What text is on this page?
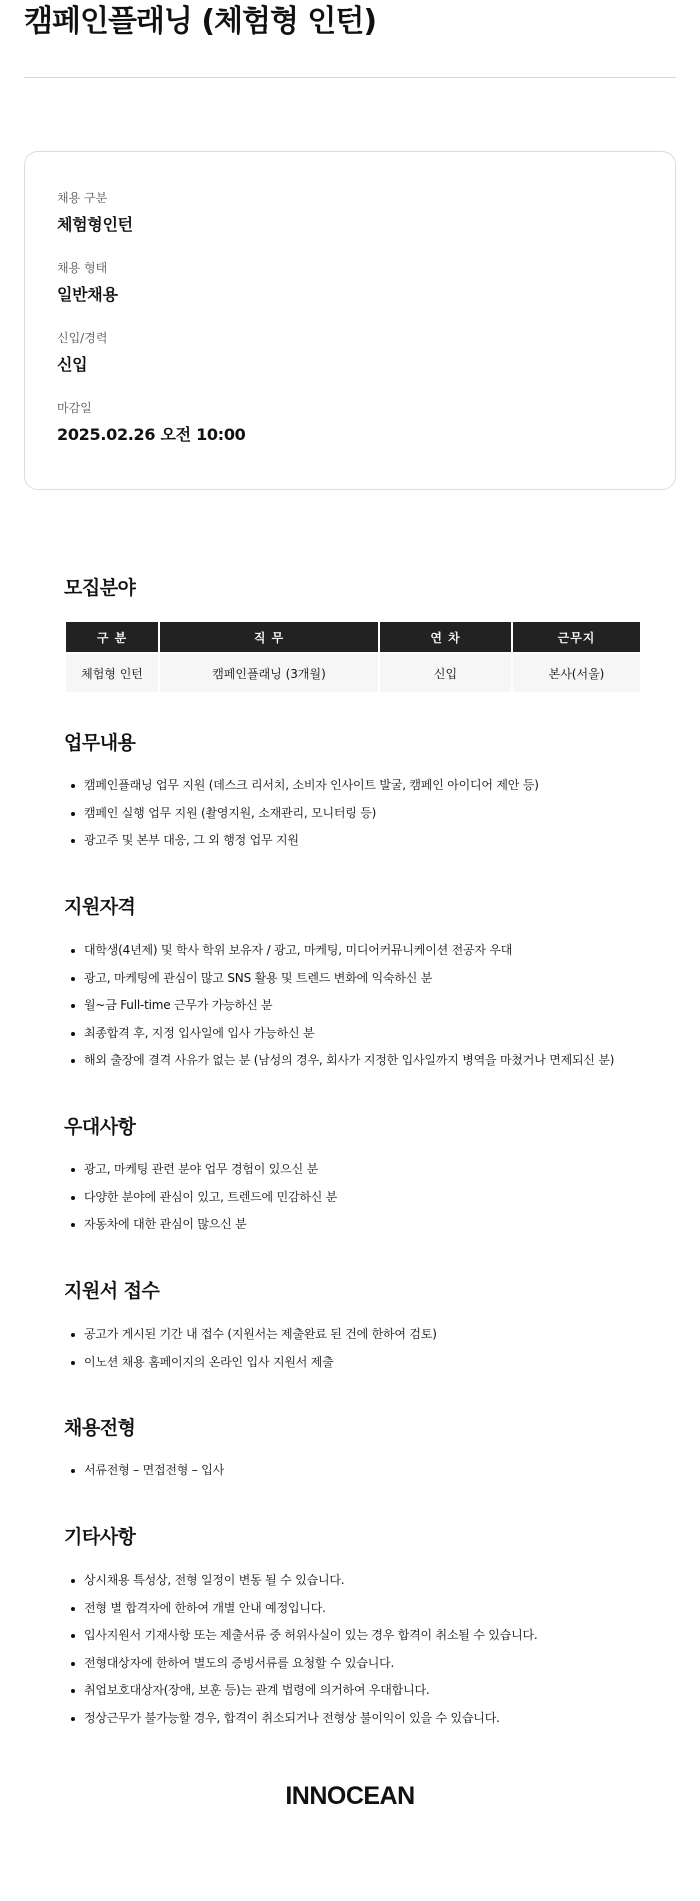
캠페인플래닝 (체험형 인턴)
채용 구분
체험형인턴
채용 형태
일반채용
신입/경력
신입
마감일
2025.02.26 오전 10:00
모집분야
구 분	직 무	연 차	근무지
체험형 인턴	캠페인플래닝 (3개월)	신입	본사(서울)
업무내용
캠페인플래닝 업무 지원 (데스크 리서치, 소비자 인사이트 발굴, 캠페인 아이디어 제안 등)
캠페인 실행 업무 지원 (촬영지원, 소재관리, 모니터링 등)
광고주 및 본부 대응, 그 외 행정 업무 지원
지원자격
대학생(4년제) 및 학사 학위 보유자 / 광고, 마케팅, 미디어커뮤니케이션 전공자 우대
광고, 마케팅에 관심이 많고 SNS 활용 및 트렌드 변화에 익숙하신 분
월~금 Full-time 근무가 가능하신 분
최종합격 후, 지정 입사일에 입사 가능하신 분
해외 출장에 결격 사유가 없는 분 (남성의 경우, 회사가 지정한 입사일까지 병역을 마쳤거나 면제되신 분)
우대사항
광고, 마케팅 관련 분야 업무 경험이 있으신 분
다양한 분야에 관심이 있고, 트렌드에 민감하신 분
자동차에 대한 관심이 많으신 분
지원서 접수
공고가 게시된 기간 내 접수 (지원서는 제출완료 된 건에 한하여 검토)
이노션 채용 홈페이지의 온라인 입사 지원서 제출
채용전형
서류전형 – 면접전형 – 입사
기타사항
상시채용 특성상, 전형 일정이 변동 될 수 있습니다.
전형 별 합격자에 한하여 개별 안내 예정입니다.
입사지원서 기재사항 또는 제출서류 중 허위사실이 있는 경우 합격이 취소될 수 있습니다.
전형대상자에 한하여 별도의 증빙서류를 요청할 수 있습니다.
취업보호대상자(장애, 보훈 등)는 관계 법령에 의거하여 우대합니다.
정상근무가 불가능할 경우, 합격이 취소되거나 전형상 불이익이 있을 수 있습니다.
INNOCEAN
